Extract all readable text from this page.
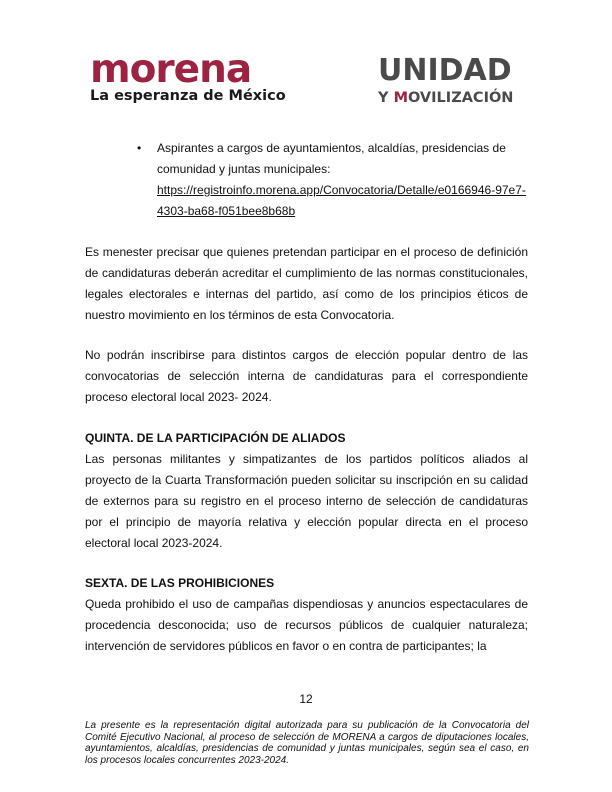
morena
La esperanza de México
UNIDAD
Y MOVILIZACIÓN
• Aspirantes a cargos de ayuntamientos, alcaldías, presidencias de comunidad y juntas municipales:
https://registroinfo.morena.app/Convocatoria/Detalle/e0166946-97e7-4303-ba68-f051bee8b68b
Es menester precisar que quienes pretendan participar en el proceso de definición de candidaturas deberán acreditar el cumplimiento de las normas constitucionales, legales electorales e internas del partido, así como de los principios éticos de nuestro movimiento en los términos de esta Convocatoria.
No podrán inscribirse para distintos cargos de elección popular dentro de las convocatorias de selección interna de candidaturas para el correspondiente proceso electoral local 2023- 2024.
QUINTA. DE LA PARTICIPACIÓN DE ALIADOS
Las personas militantes y simpatizantes de los partidos políticos aliados al proyecto de la Cuarta Transformación pueden solicitar su inscripción en su calidad de externos para su registro en el proceso interno de selección de candidaturas por el principio de mayoría relativa y elección popular directa en el proceso electoral local 2023-2024.
SEXTA. DE LAS PROHIBICIONES
Queda prohibido el uso de campañas dispendiosas y anuncios espectaculares de procedencia desconocida; uso de recursos públicos de cualquier naturaleza; intervención de servidores públicos en favor o en contra de participantes; la
12
La presente es la representación digital autorizada para su publicación de la Convocatoria del Comité Ejecutivo Nacional, al proceso de selección de MORENA a cargos de diputaciones locales, ayuntamientos, alcaldías, presidencias de comunidad y juntas municipales, según sea el caso, en los procesos locales concurrentes 2023-2024.
